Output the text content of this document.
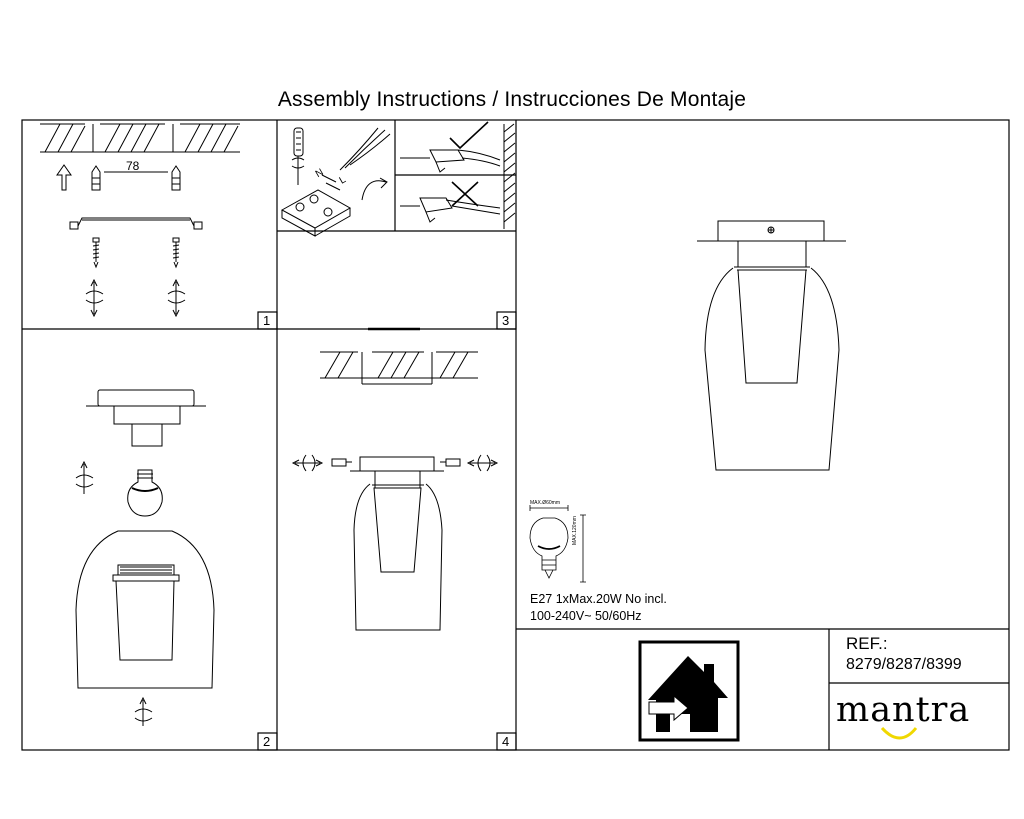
Assembly Instructions / Instrucciones De Montaje
78
N
L
1	3
2	4
MAX.Ø60mm
MAX.120mm
E27 1xMax.20W No incl.
100-240V~ 50/60Hz
REF.:
8279/8287/8399
mantra
